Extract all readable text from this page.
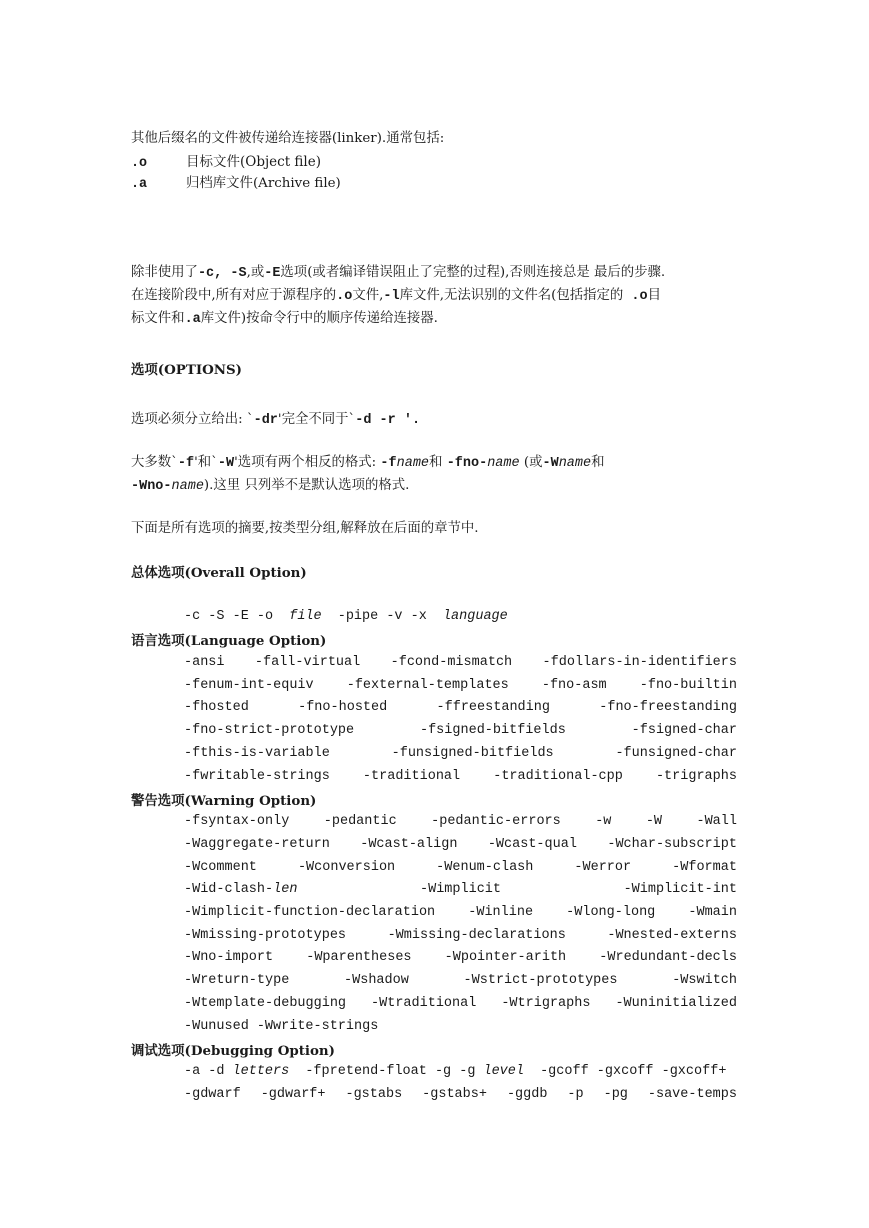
其他后缀名的文件被传递给连接器(linker).通常包括:
.o	目标文件(Object file)
.a	归档库文件(Archive file)
除非使用了-c, -S,或-E选项(或者编译错误阻止了完整的过程),否则连接总是 最后的步骤.
在连接阶段中,所有对应于源程序的.o文件,-l库文件,无法识别的文件名(包括指定的 .o目
标文件和.a库文件)按命令行中的顺序传递给连接器.
选项(OPTIONS)
选项必须分立给出: `-dr'完全不同于`-d -r '.
大多数`-f'和`-W'选项有两个相反的格式: -fname和 -fno-name (或-Wname和
-Wno-name).这里 只列举不是默认选项的格式.
下面是所有选项的摘要,按类型分组,解释放在后面的章节中.
总体选项(Overall Option)
-c -S -E -o file -pipe -v -x language
语言选项(Language Option)
-ansi -fall-virtual -fcond-mismatch -fdollars-in-identifiers
-fenum-int-equiv -fexternal-templates -fno-asm -fno-builtin
-fhosted	-fno-hosted	-ffreestanding	-fno-freestanding
-fno-strict-prototype	-fsigned-bitfields	-fsigned-char
-fthis-is-variable	-funsigned-bitfields	-funsigned-char
-fwritable-strings -traditional -traditional-cpp -trigraphs
警告选项(Warning Option)
-fsyntax-only	-pedantic	-pedantic-errors	-w	-W	-Wall
-Waggregate-return -Wcast-align -Wcast-qual -Wchar-subscript
-Wcomment	-Wconversion	-Wenum-clash	-Werror	-Wformat
-Wid-clash-len	-Wimplicit	-Wimplicit-int
-Wimplicit-function-declaration -Winline -Wlong-long -Wmain
-Wmissing-prototypes	-Wmissing-declarations	-Wnested-externs
-Wno-import -Wparentheses -Wpointer-arith -Wredundant-decls
-Wreturn-type	-Wshadow	-Wstrict-prototypes	-Wswitch
-Wtemplate-debugging -Wtraditional -Wtrigraphs -Wuninitialized
-Wunused -Wwrite-strings
调试选项(Debugging Option)
-a -d letters -fpretend-float -g -g level -gcoff -gxcoff -gxcoff+
-gdwarf -gdwarf+ -gstabs -gstabs+ -ggdb -p -pg -save-temps
